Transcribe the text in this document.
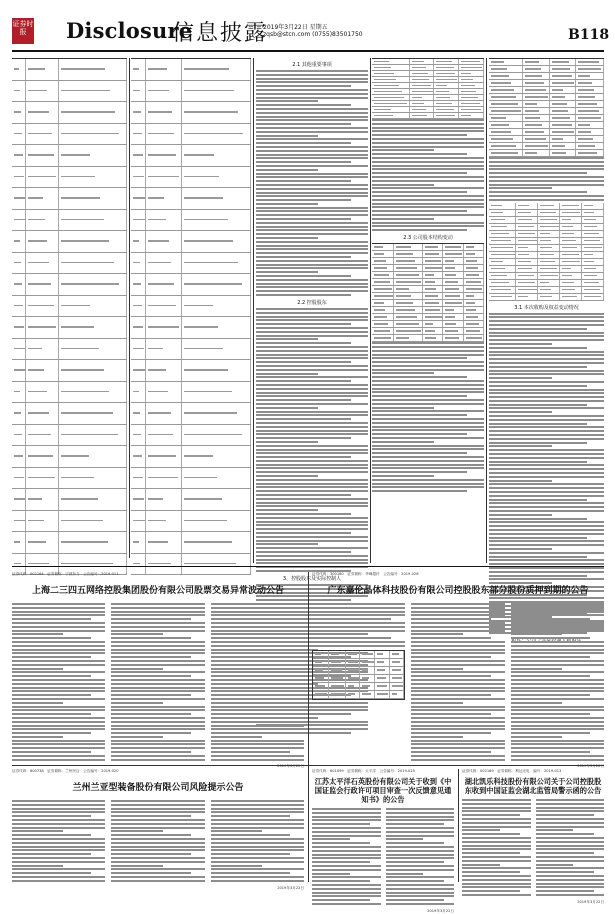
证券时报	Disclosure
信息披露
2019年3月22日 星期五
zqsb@stcn.com (0755)83501750	B118
2.1 其他重要事项
2.2 控股股东
3、控股股东及实际控制人
2.3 公司股本结构变动
3.1 本次收购及权益变动情况
证券代码：002164　证券简称：宁波东力　公告编号：2019-011
上海二三四五网络控股集团股份有限公司股票交易异常波动公告
2019年3月22日
证券代码：300180　证券简称：华峰超纤　公告编号：2019-026
广东嘉伦晶体科技股份有限公司控股股东部分股份质押到期的公告
2019年3月22日
证券代码：600738　证券简称：兰州民百　公告编号：2019-020
兰州兰亚型装备股份有限公司风险提示公告
2019年3月22日
证券代码：601099　证券简称：太平洋　公告编号：2019-025
江苏太平洋石英股份有限公司关于收到《中国证监会行政许可项目审查一次反馈意见通知书》的公告
2019年3月22日
证券代码：002189　证券简称：利达光电　编号：2019-013
湖北凯乐科技股份有限公司关于公司控股股东收到中国证监会湖北监管局警示函的公告
2019年3月22日
